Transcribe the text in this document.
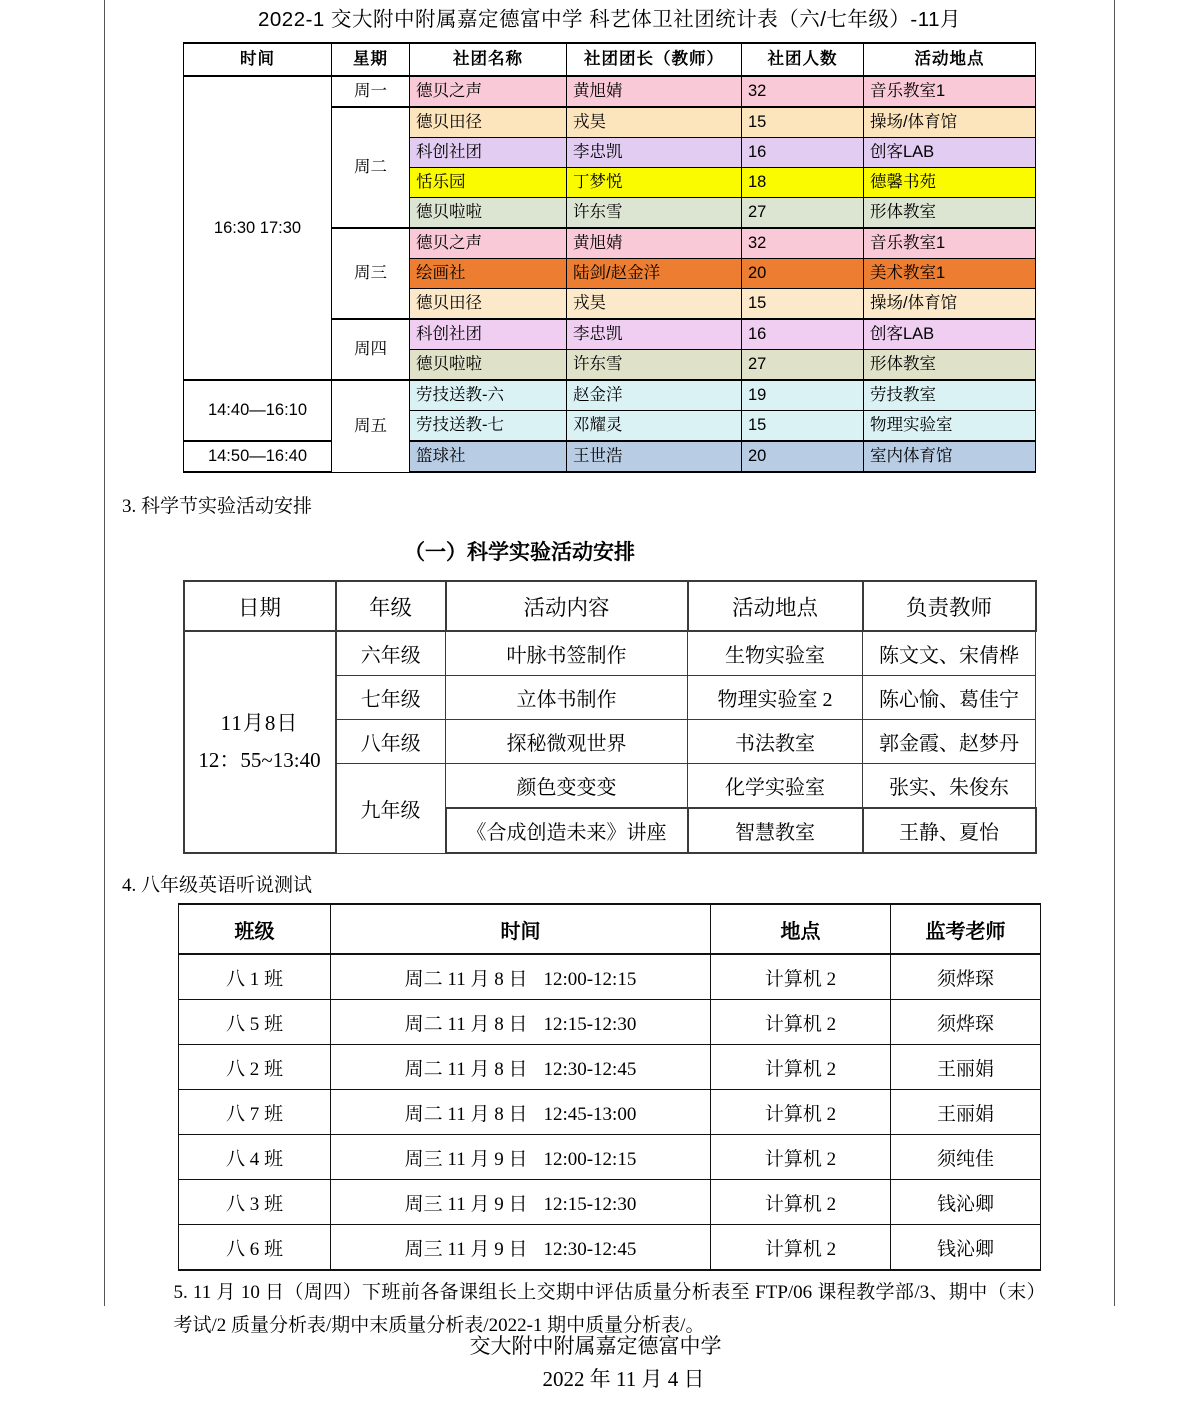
2022-1 交大附中附属嘉定德富中学 科艺体卫社团统计表（六/七年级）-11月
时间	星期	社团名称	社团团长（教师）	社团人数	活动地点
16:30 17:30	周一	德贝之声	黄旭婧	32	音乐教室1
	周二	德贝田径	戎昊	15	操场/体育馆
		科创社团	李忠凯	16	创客LAB
		恬乐园	丁梦悦	18	德馨书苑
		德贝啦啦	许东雪	27	形体教室
	周三	德贝之声	黄旭婧	32	音乐教室1
		绘画社	陆剑/赵金洋	20	美术教室1
		德贝田径	戎昊	15	操场/体育馆
	周四	科创社团	李忠凯	16	创客LAB
		德贝啦啦	许东雪	27	形体教室
14:40—16:10	周五	劳技送教-六	赵金洋	19	劳技教室
		劳技送教-七	邓耀灵	15	物理实验室
14:50—16:40		篮球社	王世浩	20	室内体育馆
3. 科学节实验活动安排
（一）科学实验活动安排
日期	年级	活动内容	活动地点	负责教师

11月8日
12：55~13:40	六年级	叶脉书签制作	生物实验室	陈文文、宋倩桦
	七年级	立体书制作	物理实验室 2	陈心愉、葛佳宁
	八年级	探秘微观世界	书法教室	郭金霞、赵梦丹
	九年级	颜色变变变	化学实验室	张实、朱俊东
		《合成创造未来》讲座	智慧教室	王静、夏怡
4. 八年级英语听说测试
班级	时间	地点	监考老师
八 1 班	周二 11 月 8 日 12:00-12:15	计算机 2	须烨琛
八 5 班	周二 11 月 8 日 12:15-12:30	计算机 2	须烨琛
八 2 班	周二 11 月 8 日 12:30-12:45	计算机 2	王丽娟
八 7 班	周二 11 月 8 日 12:45-13:00	计算机 2	王丽娟
八 4 班	周三 11 月 9 日 12:00-12:15	计算机 2	须纯佳
八 3 班	周三 11 月 9 日 12:15-12:30	计算机 2	钱沁卿
八 6 班	周三 11 月 9 日 12:30-12:45	计算机 2	钱沁卿
5. 11 月 10 日（周四）下班前各备课组长上交期中评估质量分析表至 FTP/06 课程教学部/3、期中（末）考试/2 质量分析表/期中末质量分析表/2022-1 期中质量分析表/。
交大附中附属嘉定德富中学
2022 年 11 月 4 日
